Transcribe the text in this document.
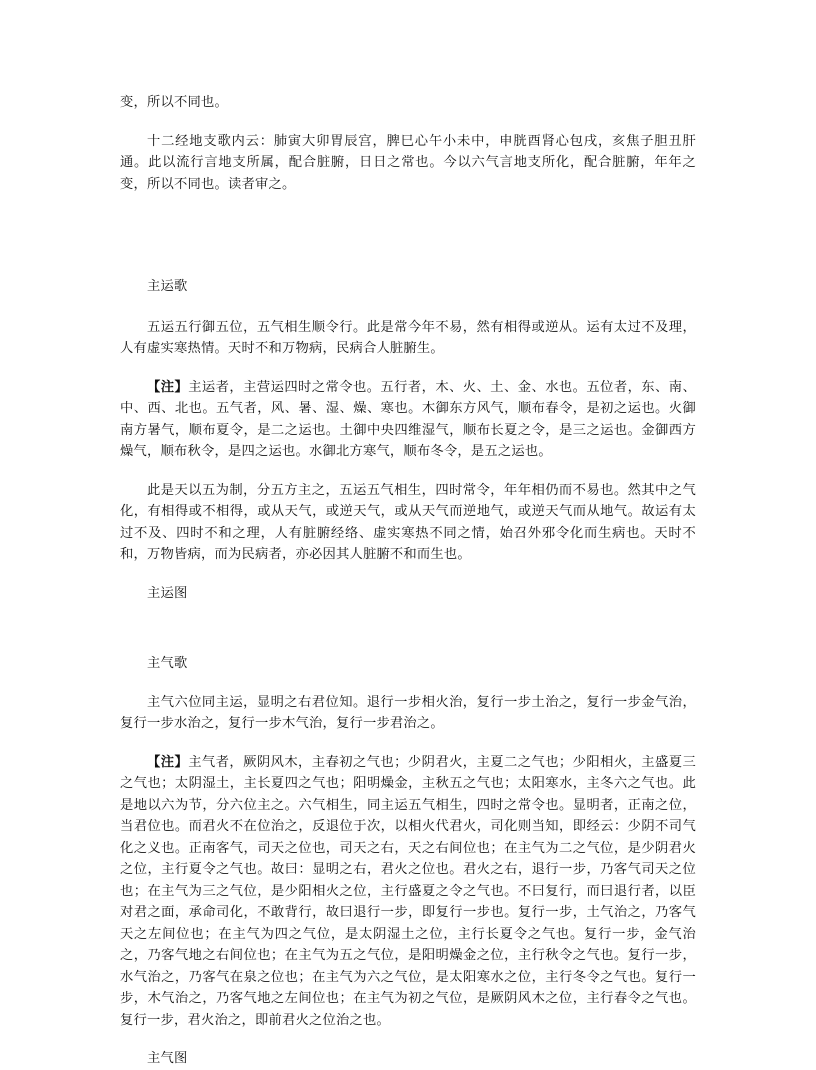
变，所以不同也。

十二经地支歌内云：肺寅大卯胃辰宫，脾巳心午小未中，申胱酉肾心包戌，亥焦子胆丑肝通。此以流行言地支所属，配合脏腑，日日之常也。今以六气言地支所化，配合脏腑，年年之变，所以不同也。读者审之。

主运歌

五运五行御五位，五气相生顺令行。此是常今年不易，然有相得或逆从。运有太过不及理，人有虚实寒热情。天时不和万物病，民病合人脏腑生。

【注】主运者，主营运四时之常令也。五行者，木、火、土、金、水也。五位者，东、南、中、西、北也。五气者，风、暑、湿、燥、寒也。木御东方风气，顺布春令，是初之运也。火御南方暑气，顺布夏令，是二之运也。土御中央四维湿气，顺布长夏之令，是三之运也。金御西方燥气，顺布秋令，是四之运也。水御北方寒气，顺布冬令，是五之运也。

此是天以五为制，分五方主之，五运五气相生，四时常令，年年相仍而不易也。然其中之气化，有相得或不相得，或从天气，或逆天气，或从天气而逆地气，或逆天气而从地气。故运有太过不及、四时不和之理，人有脏腑经络、虚实寒热不同之情，始召外邪令化而生病也。天时不和，万物皆病，而为民病者，亦必因其人脏腑不和而生也。

主运图

主气歌

主气六位同主运，显明之右君位知。退行一步相火治，复行一步土治之，复行一步金气治，复行一步水治之，复行一步木气治，复行一步君治之。

【注】主气者，厥阴风木，主春初之气也；少阴君火，主夏二之气也；少阳相火，主盛夏三之气也；太阴湿土，主长夏四之气也；阳明燥金，主秋五之气也；太阳寒水，主冬六之气也。此是地以六为节，分六位主之。六气相生，同主运五气相生，四时之常令也。显明者，正南之位，当君位也。而君火不在位治之，反退位于次，以相火代君火，司化则当知，即经云：少阴不司气化之义也。正南客气，司天之位也，司天之右，天之右间位也；在主气为二之气位，是少阴君火之位，主行夏令之气也。故曰：显明之右，君火之位也。君火之右，退行一步，乃客气司天之位也；在主气为三之气位，是少阳相火之位，主行盛夏之令之气也。不曰复行，而曰退行者，以臣对君之面，承命司化，不敢背行，故曰退行一步，即复行一步也。复行一步，土气治之，乃客气天之左间位也；在主气为四之气位，是太阴湿土之位，主行长夏令之气也。复行一步，金气治之，乃客气地之右间位也；在主气为五之气位，是阳明燥金之位，主行秋令之气也。复行一步，水气治之，乃客气在泉之位也；在主气为六之气位，是太阳寒水之位，主行冬令之气也。复行一步，木气治之，乃客气地之左间位也；在主气为初之气位，是厥阴风木之位，主行春令之气也。复行一步，君火治之，即前君火之位治之也。

主气图
